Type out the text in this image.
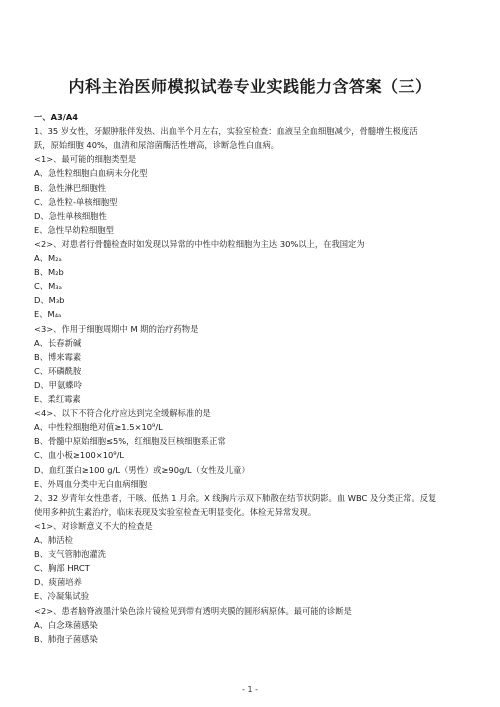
内科主治医师模拟试卷专业实践能力含答案（三）
一、A3/A4
1、35 岁女性，牙龈肿胀伴发热、出血半个月左右，实验室检查：血液呈全血细胞减少，骨髓增生极度活
跃，原始细胞 40%，血清和尿溶菌酶活性增高，诊断急性白血病。
<1>、最可能的细胞类型是
A、急性粒细胞白血病未分化型
B、急性淋巴细胞性
C、急性粒-单核细胞型
D、急性单核细胞性
E、急性早幼粒细胞型
<2>、对患者行骨髓检查时如发现以异常的中性中幼粒细胞为主达 30%以上，在我国定为
A、M₂ₐ
B、M₂b
C、M₃ₐ
D、M₃b
E、M₄ₐ
<3>、作用于细胞周期中 M 期的治疗药物是
A、长春新碱
B、博来霉素
C、环磷酰胺
D、甲氨蝶呤
E、柔红霉素
<4>、以下不符合化疗应达到完全缓解标准的是
A、中性粒细胞绝对值≥1.5×10⁹/L
B、骨髓中原始细胞≤5%，红细胞及巨核细胞系正常
C、血小板≥100×10⁹/L
D、血红蛋白≥100 g/L（男性）或≥90g/L（女性及儿童）
E、外周血分类中无白血病细胞
2、32 岁青年女性患者，干咳、低热 1 月余。X 线胸片示双下肺散在结节状阴影。血 WBC 及分类正常。反复
使用多种抗生素治疗，临床表现及实验室检查无明显变化。体检无异常发现。
<1>、对诊断意义不大的检查是
A、肺活检
B、支气管肺泡灌洗
C、胸部 HRCT
D、痰菌培养
E、冷凝集试验
<2>、患者脑脊液墨汁染色涂片镜检见到带有透明夹膜的圆形病原体。最可能的诊断是
A、白念珠菌感染
B、肺孢子菌感染
- 1 -
